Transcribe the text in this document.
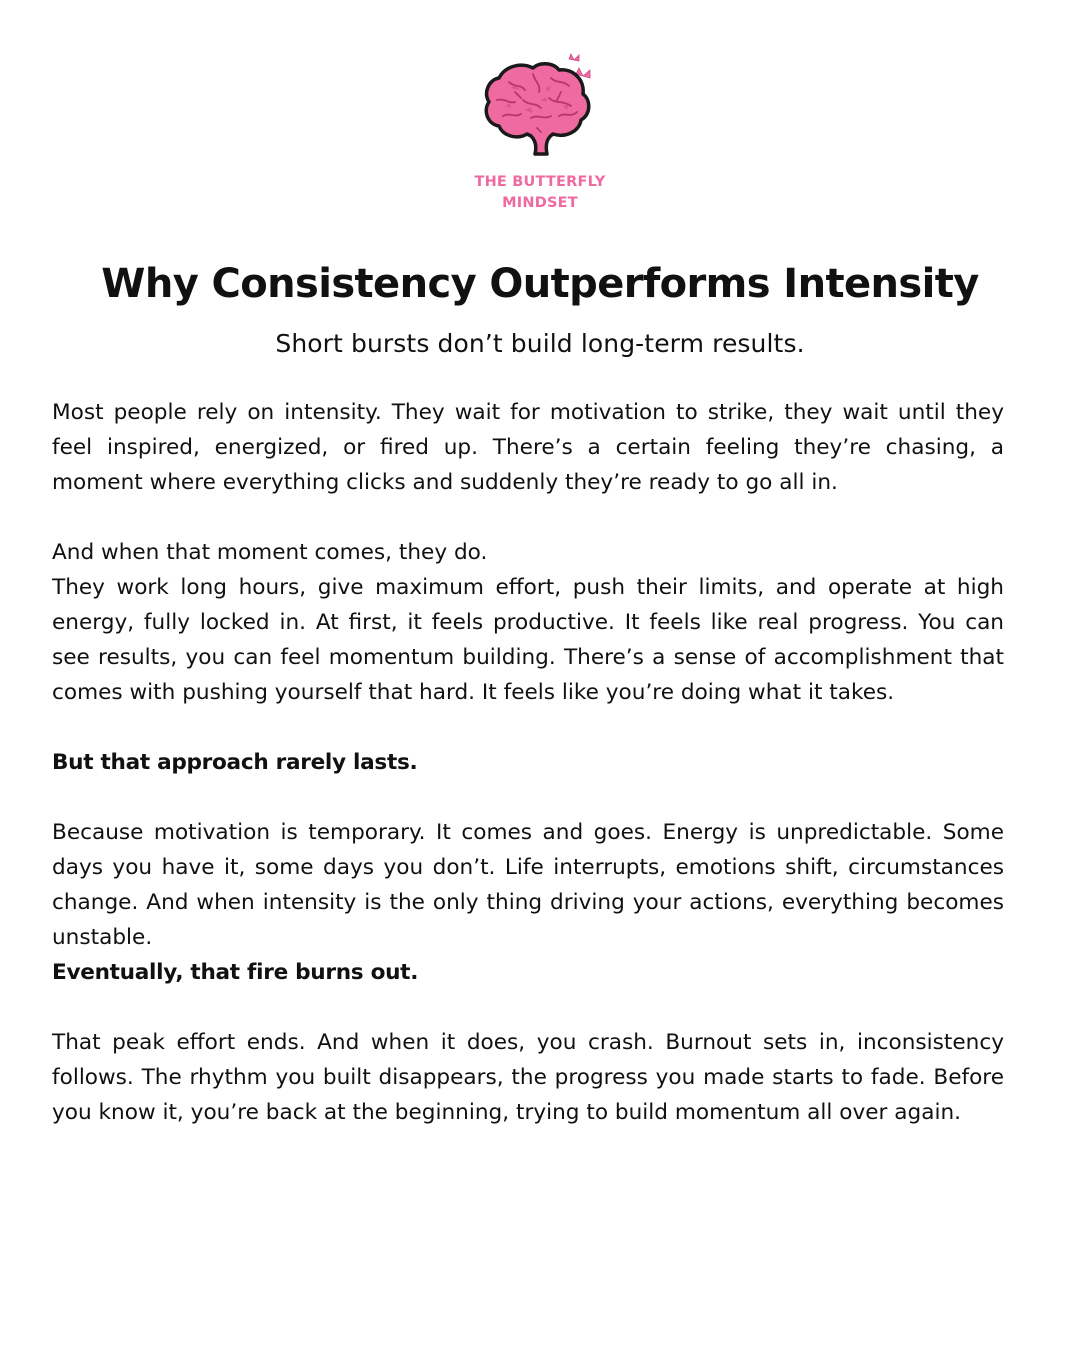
THE BUTTERFLY
MINDSET
Why Consistency Outperforms Intensity
Short bursts don’t build long-term results.

Most people rely on intensity. They wait for motivation to strike, they wait until they feel inspired, energized, or fired up. There’s a certain feeling they’re chasing, a moment where everything clicks and suddenly they’re ready to go all in.

And when that moment comes, they do.

They work long hours, give maximum effort, push their limits, and operate at high energy, fully locked in. At first, it feels productive. It feels like real progress. You can see results, you can feel momentum building. There’s a sense of accomplishment that comes with pushing yourself that hard. It feels like you’re doing what it takes.

But that approach rarely lasts.

Because motivation is temporary. It comes and goes. Energy is unpredictable. Some days you have it, some days you don’t. Life interrupts, emotions shift, circumstances change. And when intensity is the only thing driving your actions, everything becomes unstable.

Eventually, that fire burns out.

That peak effort ends. And when it does, you crash. Burnout sets in, inconsistency follows. The rhythm you built disappears, the progress you made starts to fade. Before you know it, you’re back at the beginning, trying to build momentum all over again.
